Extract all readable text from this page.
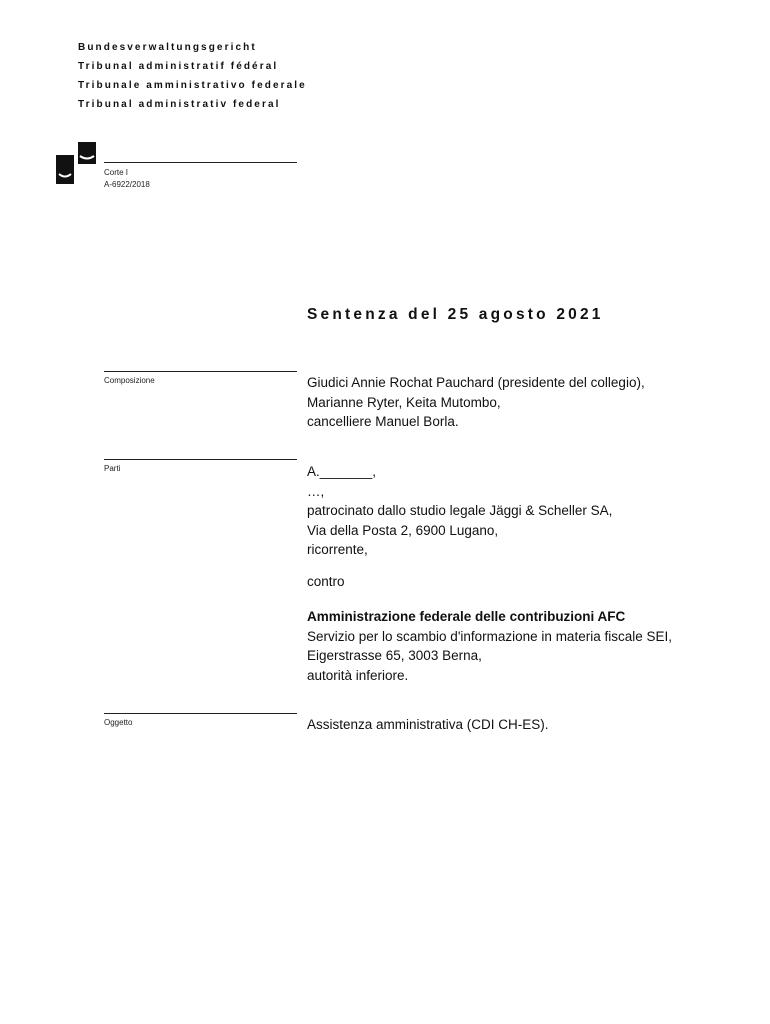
Bundesverwaltungsgericht
Tribunal administratif fédéral
Tribunale amministrativo federale
Tribunal administrativ federal
Corte I
A-6922/2018
Sentenza del 25 agosto 2021
Composizione	Giudici Annie Rochat Pauchard (presidente del collegio),
Marianne Ryter, Keita Mutombo,
cancelliere Manuel Borla.
Parti	A._______,
…,
patrocinato dallo studio legale Jäggi & Scheller SA,
Via della Posta 2, 6900 Lugano,
ricorrente,
contro
Amministrazione federale delle contribuzioni AFC
Servizio per lo scambio d'informazione in materia fiscale SEI,
Eigerstrasse 65, 3003 Berna,
autorità inferiore.
Oggetto	Assistenza amministrativa (CDI CH-ES).
